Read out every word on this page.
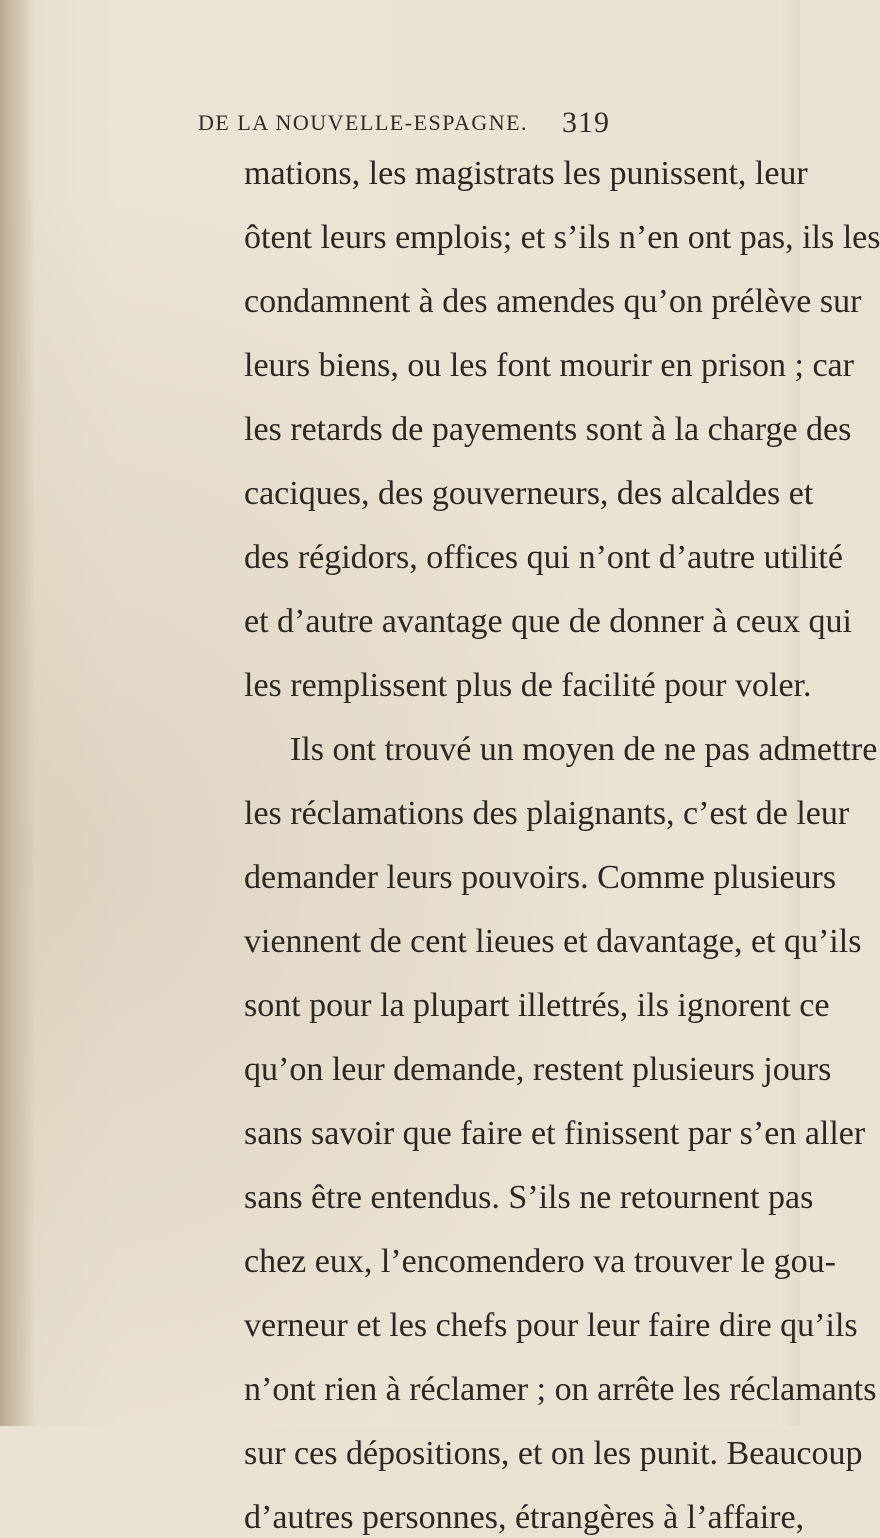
DE LA NOUVELLE-ESPAGNE. 319
mations, les magistrats les punissent, leur
ôtent leurs emplois; et s’ils n’en ont pas, ils les
condamnent à des amendes qu’on prélève sur
leurs biens, ou les font mourir en prison ; car
les retards de payements sont à la charge des
caciques, des gouverneurs, des alcaldes et
des régidors, offices qui n’ont d’autre utilité
et d’autre avantage que de donner à ceux qui
les remplissent plus de facilité pour voler.
Ils ont trouvé un moyen de ne pas admettre
les réclamations des plaignants, c’est de leur
demander leurs pouvoirs. Comme plusieurs
viennent de cent lieues et davantage, et qu’ils
sont pour la plupart illettrés, ils ignorent ce
qu’on leur demande, restent plusieurs jours
sans savoir que faire et finissent par s’en aller
sans être entendus. S’ils ne retournent pas
chez eux, l’encomendero va trouver le gou-
verneur et les chefs pour leur faire dire qu’ils
n’ont rien à réclamer ; on arrête les réclamants
sur ces dépositions, et on les punit. Beaucoup
d’autres personnes, étrangères à l’affaire,
